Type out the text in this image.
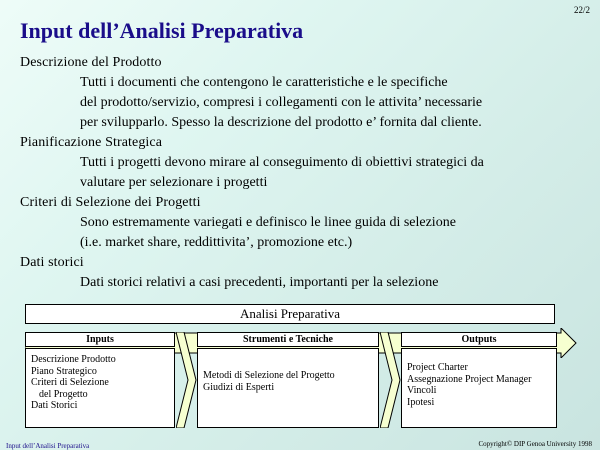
22/2
Input dell’Analisi Preparativa
Descrizione del Prodotto
Tutti i documenti che contengono le caratteristiche e le specifiche
del prodotto/servizio, compresi i collegamenti con le attivita’ necessarie
per svilupparlo. Spesso la descrizione del prodotto e’ fornita dal cliente.
Pianificazione Strategica
Tutti i progetti devono mirare al conseguimento di obiettivi strategici da
valutare per selezionare i progetti
Criteri di Selezione dei Progetti
Sono estremamente variegati e definisco le linee guida di selezione
(i.e. market share, reddittivita’, promozione etc.)
Dati storici
Dati storici relativi a casi precedenti, importanti per la selezione
Analisi Preparativa
Inputs
Descrizione Prodotto
Piano Strategico
Criteri di Selezione
del Progetto
Dati Storici
Strumenti e Tecniche
Metodi di Selezione del Progetto
Giudizi di Esperti
Outputs
Project Charter
Assegnazione Project Manager
Vincoli
Ipotesi
Input dell’Analisi Preparativa	Copyright© DIP Genoa University 1998
